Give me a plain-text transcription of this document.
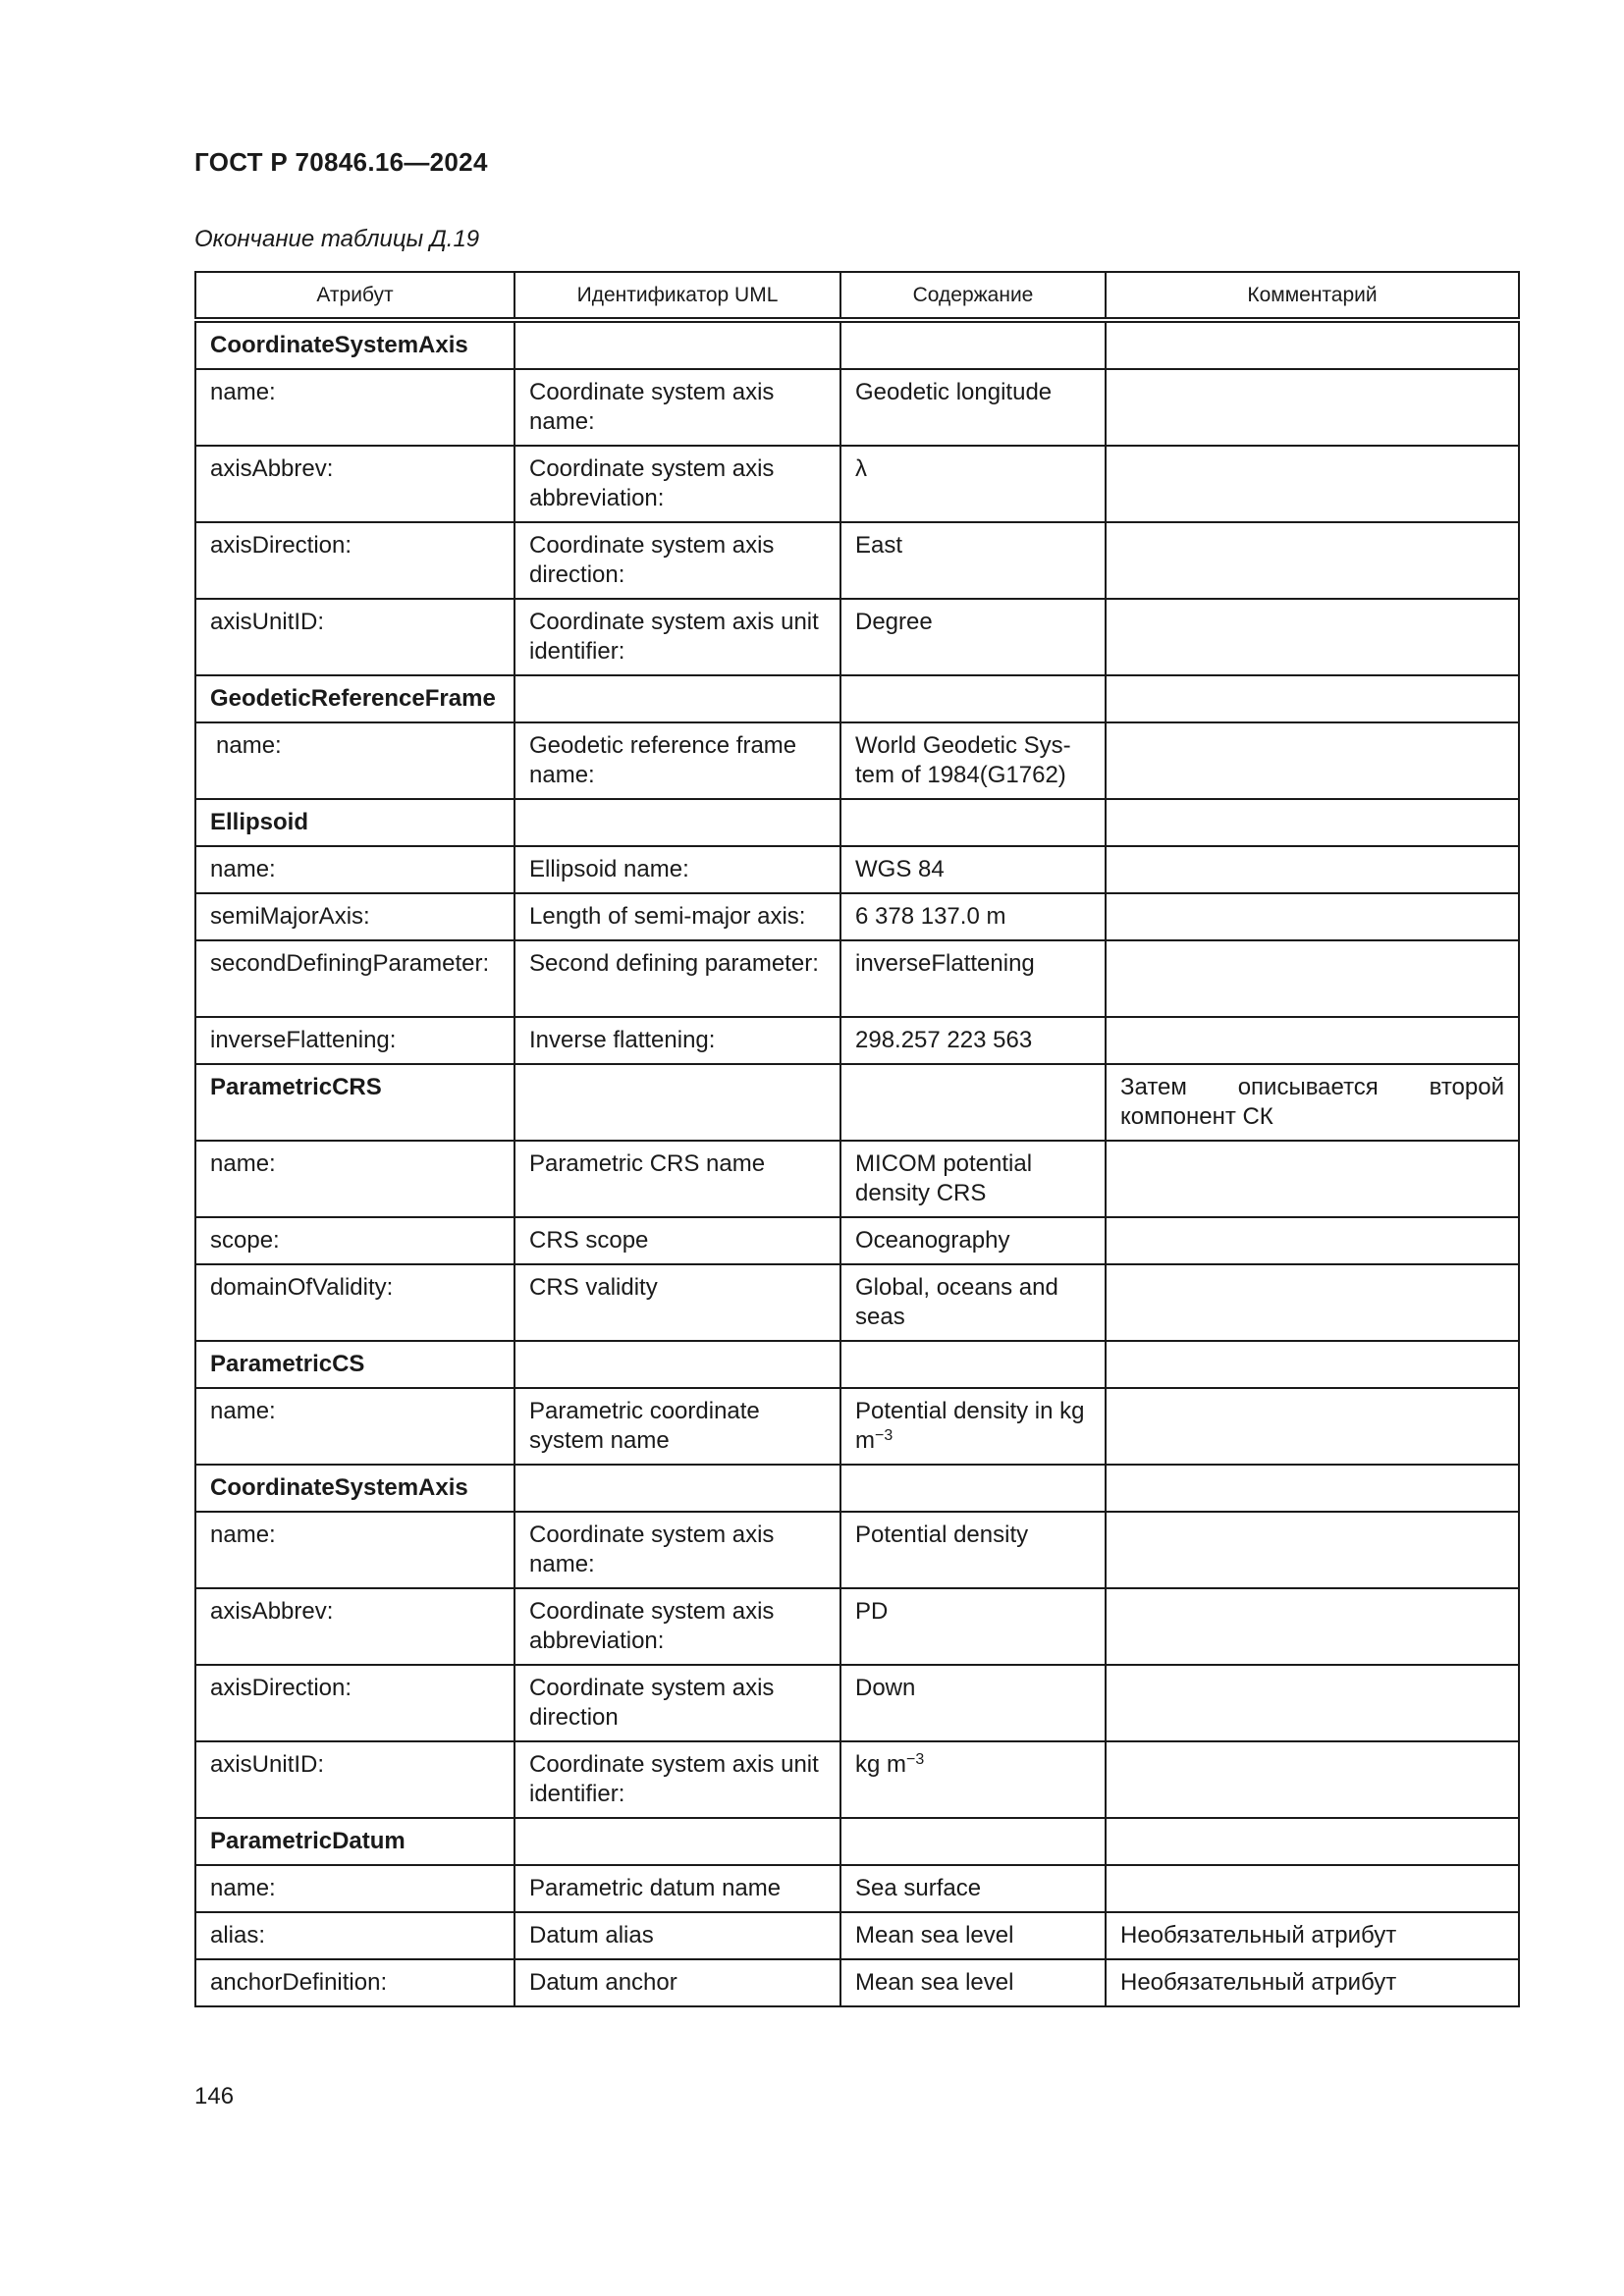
ГОСТ Р 70846.16—2024
Окончание таблицы Д.19
Атрибут	Идентификатор UML	Содержание	Комментарий
CoordinateSystemAxis			
name:	Coordinate system axis name:	Geodetic longitude	
axisAbbrev:	Coordinate system axis abbreviation:	λ	
axisDirection:	Coordinate system axis direction:	East	
axisUnitID:	Coordinate system axis unit identifier:	Degree	
GeodeticReferenceFrame			
name:	Geodetic reference frame name:	World Geodetic Sys-tem of 1984(G1762)	
Ellipsoid			
name:	Ellipsoid name:	WGS 84	
semiMajorAxis:	Length of semi-major axis:	6 378 137.0 m	
secondDefiningParameter:	Second defining parameter:	inverseFlattening	
inverseFlattening:	Inverse flattening:	298.257 223 563	
ParametricCRS			Затем описывается второй компонент СК
name:	Parametric CRS name	MICOM potential density CRS	
scope:	CRS scope	Oceanography	
domainOfValidity:	CRS validity	Global, oceans and seas	
ParametricCS			
name:	Parametric coordinate system name	Potential density in kg $m^{-3}$	
CoordinateSystemAxis			
name:	Coordinate system axis name:	Potential density	
axisAbbrev:	Coordinate system axis abbreviation:	PD	
axisDirection:	Coordinate system axis direction	Down	
axisUnitID:	Coordinate system axis unit identifier:	kg $m^{-3}$	
ParametricDatum			
name:	Parametric datum name	Sea surface	
alias:	Datum alias	Mean sea level	Необязательный атрибут
anchorDefinition:	Datum anchor	Mean sea level	Необязательный атрибут
146
